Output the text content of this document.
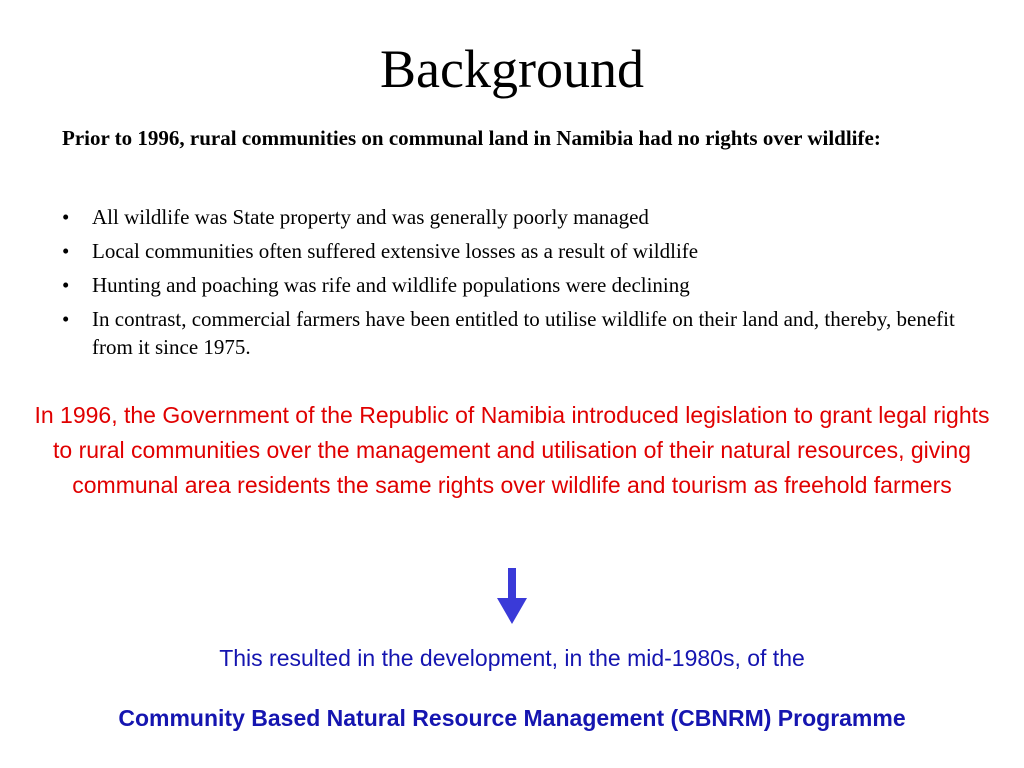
Background

Prior to 1996, rural communities on communal land in Namibia had no rights over wildlife:

•	All wildlife was State property and was generally poorly managed
•	Local communities often suffered extensive losses as a result of wildlife
•	Hunting and poaching was rife and wildlife populations were declining
•	In contrast, commercial farmers have been entitled to utilise wildlife on their land and, thereby, benefit from it since 1975.

In 1996, the Government of the Republic of Namibia introduced legislation to grant legal rights to rural communities over the management and utilisation of their natural resources, giving communal area residents the same rights over wildlife and tourism as freehold farmers

This resulted in the development, in the mid-1980s, of the

Community Based Natural Resource Management (CBNRM) Programme
